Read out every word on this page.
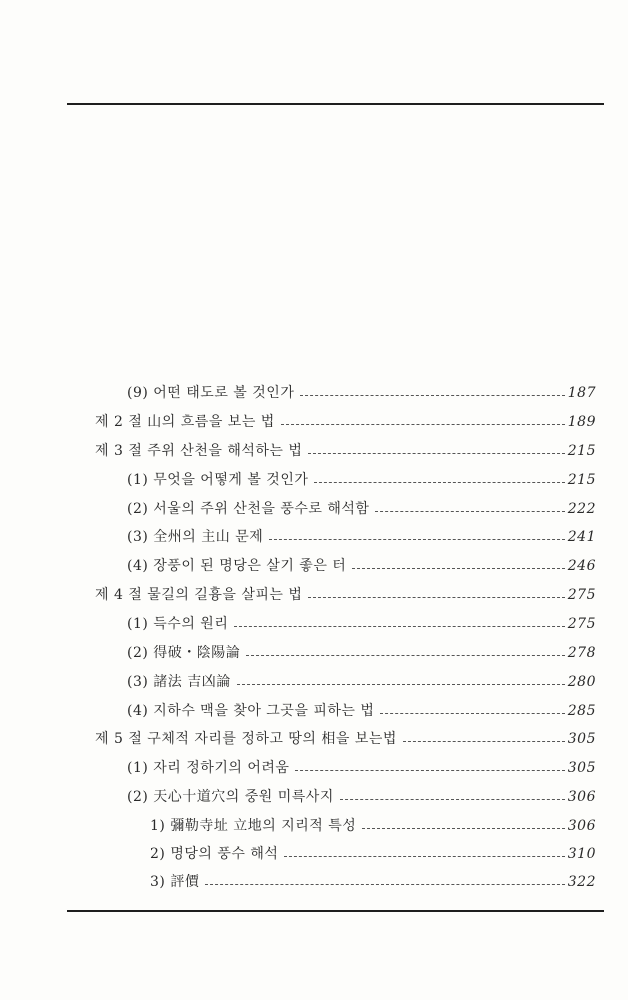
(9) 어떤 태도로 볼 것인가	187
제 2 절 山의 흐름을 보는 법	189
제 3 절 주위 산천을 해석하는 법	215
(1) 무엇을 어떻게 볼 것인가	215
(2) 서울의 주위 산천을 풍수로 해석함	222
(3) 全州의 主山 문제	241
(4) 장풍이 된 명당은 살기 좋은 터	246
제 4 절 물길의 길흉을 살피는 법	275
(1) 득수의 원리	275
(2) 得破・陰陽論	278
(3) 諸法 吉凶論	280
(4) 지하수 맥을 찾아 그곳을 피하는 법	285
제 5 절 구체적 자리를 정하고 땅의 相을 보는법	305
(1) 자리 정하기의 어려움	305
(2) 天心十道穴의 중원 미륵사지	306
1) 彌勒寺址 立地의 지리적 특성	306
2) 명당의 풍수 해석	310
3) 評價	322
